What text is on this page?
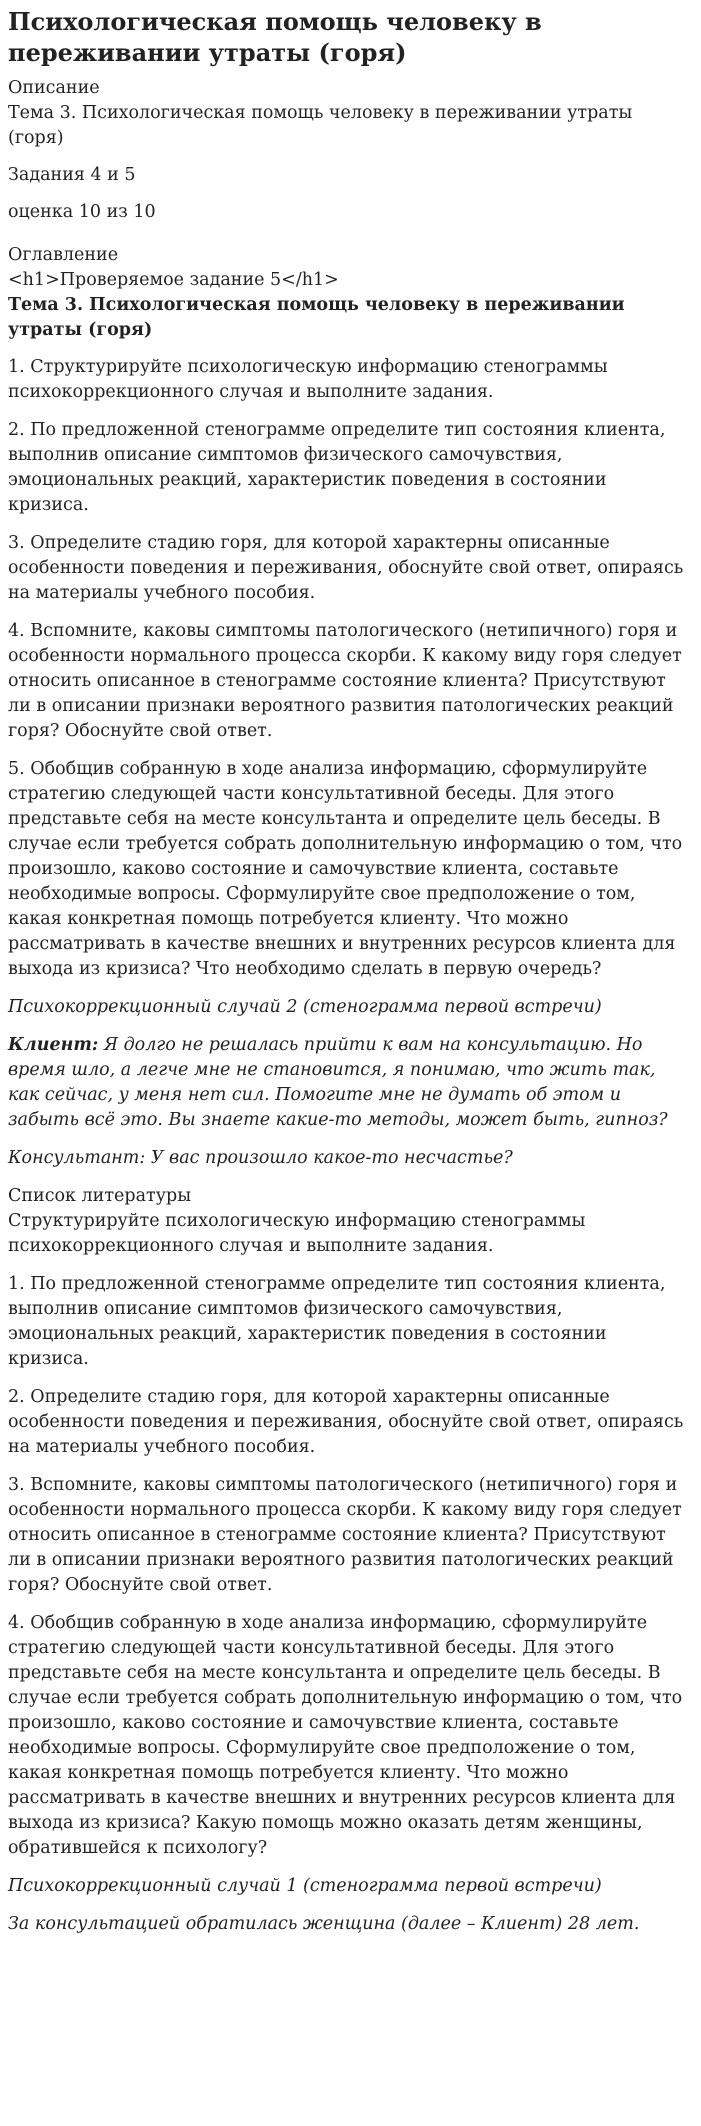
Психологическая помощь человеку в переживании утраты (горя)
Описание
Тема 3. Психологическая помощь человеку в переживании утраты (горя)
Задания 4 и 5
оценка 10 из 10
Оглавление
<h1>Проверяемое задание 5</h1>
Тема 3. Психологическая помощь человеку в переживании утраты (горя)

1. Структурируйте психологическую информацию стенограммы психокоррекционного случая и выполните задания.

2. По предложенной стенограмме определите тип состояния клиента, выполнив описание симптомов физического самочувствия, эмоциональных реакций, характеристик поведения в состоянии кризиса.

3. Определите стадию горя, для которой характерны описанные особенности поведения и переживания, обоснуйте свой ответ, опираясь на материалы учебного пособия.

4. Вспомните, каковы симптомы патологического (нетипичного) горя и особенности нормального процесса скорби. К какому виду горя следует относить описанное в стенограмме состояние клиента? Присутствуют ли в описании признаки вероятного развития патологических реакций горя? Обоснуйте свой ответ.

5. Обобщив собранную в ходе анализа информацию, сформулируйте стратегию следующей части консультативной беседы. Для этого представьте себя на месте консультанта и определите цель беседы. В случае если требуется собрать дополнительную информацию о том, что произошло, каково состояние и самочувствие клиента, составьте необходимые вопросы. Сформулируйте свое предположение о том, какая конкретная помощь потребуется клиенту. Что можно рассматривать в качестве внешних и внутренних ресурсов клиента для выхода из кризиса? Что необходимо сделать в первую очередь?

Психокоррекционный случай 2 (стенограмма первой встречи)

Клиент: Я долго не решалась прийти к вам на консультацию. Но время шло, а легче мне не становится, я понимаю, что жить так, как сейчас, у меня нет сил. Помогите мне не думать об этом и забыть всё это. Вы знаете какие-то методы, может быть, гипноз?

Консультант: У вас произошло какое-то несчастье?

Список литературы

Структурируйте психологическую информацию стенограммы психокоррекционного случая и выполните задания.

1. По предложенной стенограмме определите тип состояния клиента, выполнив описание симптомов физического самочувствия, эмоциональных реакций, характеристик поведения в состоянии кризиса.

2. Определите стадию горя, для которой характерны описанные особенности поведения и переживания, обоснуйте свой ответ, опираясь на материалы учебного пособия.

3. Вспомните, каковы симптомы патологического (нетипичного) горя и особенности нормального процесса скорби. К какому виду горя следует относить описанное в стенограмме состояние клиента? Присутствуют ли в описании признаки вероятного развития патологических реакций горя? Обоснуйте свой ответ.

4. Обобщив собранную в ходе анализа информацию, сформулируйте стратегию следующей части консультативной беседы. Для этого представьте себя на месте консультанта и определите цель беседы. В случае если требуется собрать дополнительную информацию о том, что произошло, каково состояние и самочувствие клиента, составьте необходимые вопросы. Сформулируйте свое предположение о том, какая конкретная помощь потребуется клиенту. Что можно рассматривать в качестве внешних и внутренних ресурсов клиента для выхода из кризиса? Какую помощь можно оказать детям женщины, обратившейся к психологу?

Психокоррекционный случай 1 (стенограмма первой встречи)

За консультацией обратилась женщина (далее – Клиент) 28 лет.
